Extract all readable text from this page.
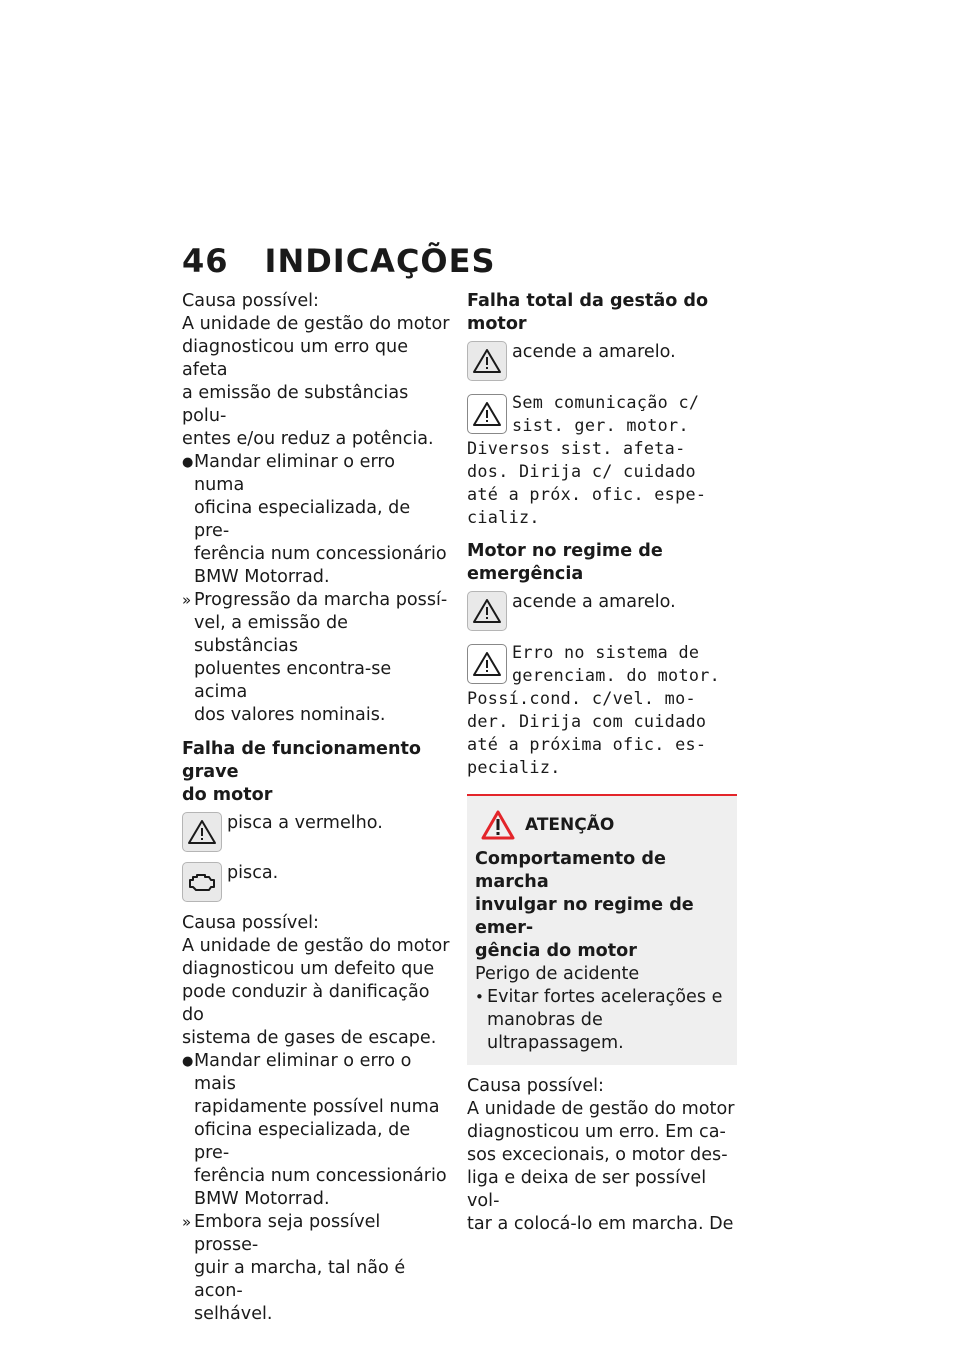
46 INDICAÇÕES

Causa possível:

A unidade de gestão do motor
diagnosticou um erro que afeta
a emissão de substâncias polu-
entes e/ou reduz a potência.
● Mandar eliminar o erro numa
oficina especializada, de pre-
ferência num concessionário
BMW Motorrad.
» Progressão da marcha possí-
vel, a emissão de substâncias
poluentes encontra-se acima
dos valores nominais.
Falha de funcionamento grave
do motor
pisca a vermelho.
pisca.

Causa possível:

A unidade de gestão do motor
diagnosticou um defeito que
pode conduzir à danificação do
sistema de gases de escape.
● Mandar eliminar o erro o mais
rapidamente possível numa
oficina especializada, de pre-
ferência num concessionário
BMW Motorrad.
» Embora seja possível prosse-
guir a marcha, tal não é acon-
selhável.
Falha total da gestão do
motor
acende a amarelo.
Sem comunicação c/
sist. ger. motor.
Diversos sist. afeta-
dos. Dirija c/ cuidado
até a próx. ofic. espe-
cializ.
Motor no regime de
emergência
acende a amarelo.
Erro no sistema de
gerenciam. do motor.
Possí.cond. c/vel. mo-
der. Dirija com cuidado
até a próxima ofic. es-
pecializ.
ATENÇÃO
Comportamento de marcha
invulgar no regime de emer-
gência do motor
Perigo de acidente
• Evitar fortes acelerações e
manobras de ultrapassagem.

Causa possível:

A unidade de gestão do motor
diagnosticou um erro. Em ca-
sos excecionais, o motor des-
liga e deixa de ser possível vol-
tar a colocá-lo em marcha. De
